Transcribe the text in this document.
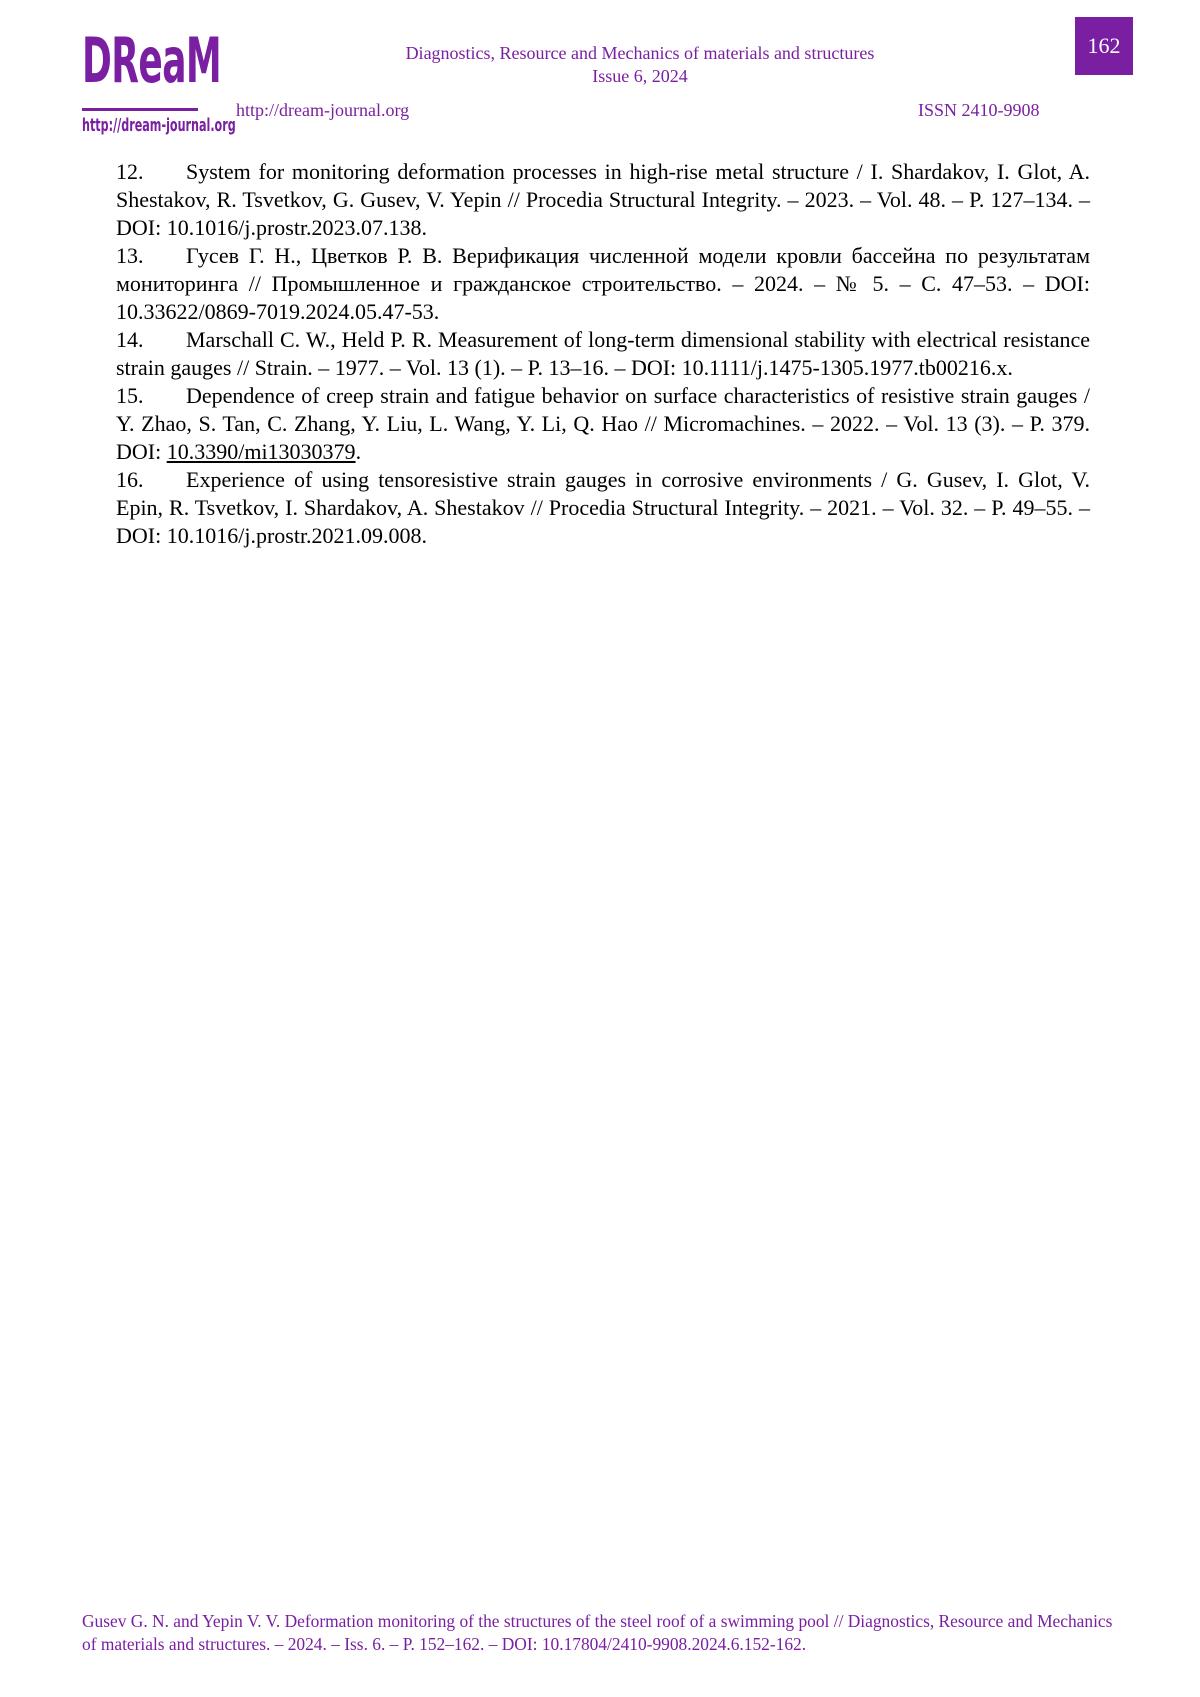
DReaM
http://dream-journal.org
Diagnostics, Resource and Mechanics of materials and structures
Issue 6, 2024
http://dream-journal.org	ISSN 2410-9908
162

12. System for monitoring deformation processes in high-rise metal structure / I. Shardakov, I. Glot, A. Shestakov, R. Tsvetkov, G. Gusev, V. Yepin // Procedia Structural Integrity. – 2023. – Vol. 48. – P. 127–134. – DOI: 10.1016/j.prostr.2023.07.138.

13. Гусев Г. Н., Цветков Р. В. Верификация численной модели кровли бассейна по результатам мониторинга // Промышленное и гражданское строительство. – 2024. – № 5. – С. 47–53. – DOI: 10.33622/0869-7019.2024.05.47-53.

14. Marschall C. W., Held P. R. Measurement of long-term dimensional stability with electrical resistance strain gauges // Strain. – 1977. – Vol. 13 (1). – P. 13–16. – DOI: 10.1111/j.1475-1305.1977.tb00216.x.

15. Dependence of creep strain and fatigue behavior on surface characteristics of resistive strain gauges / Y. Zhao, S. Tan, C. Zhang, Y. Liu, L. Wang, Y. Li, Q. Hao // Micromachines. – 2022. – Vol. 13 (3). – P. 379. DOI: 10.3390/mi13030379.

16. Experience of using tensoresistive strain gauges in corrosive environments / G. Gusev, I. Glot, V. Epin, R. Tsvetkov, I. Shardakov, A. Shestakov // Procedia Structural Integrity. – 2021. – Vol. 32. – P. 49–55. – DOI: 10.1016/j.prostr.2021.09.008.

Gusev G. N. and Yepin V. V. Deformation monitoring of the structures of the steel roof of a swimming pool // Diagnostics, Resource and Mechanics of materials and structures. – 2024. – Iss. 6. – P. 152–162. – DOI: 10.17804/2410-9908.2024.6.152-162.
